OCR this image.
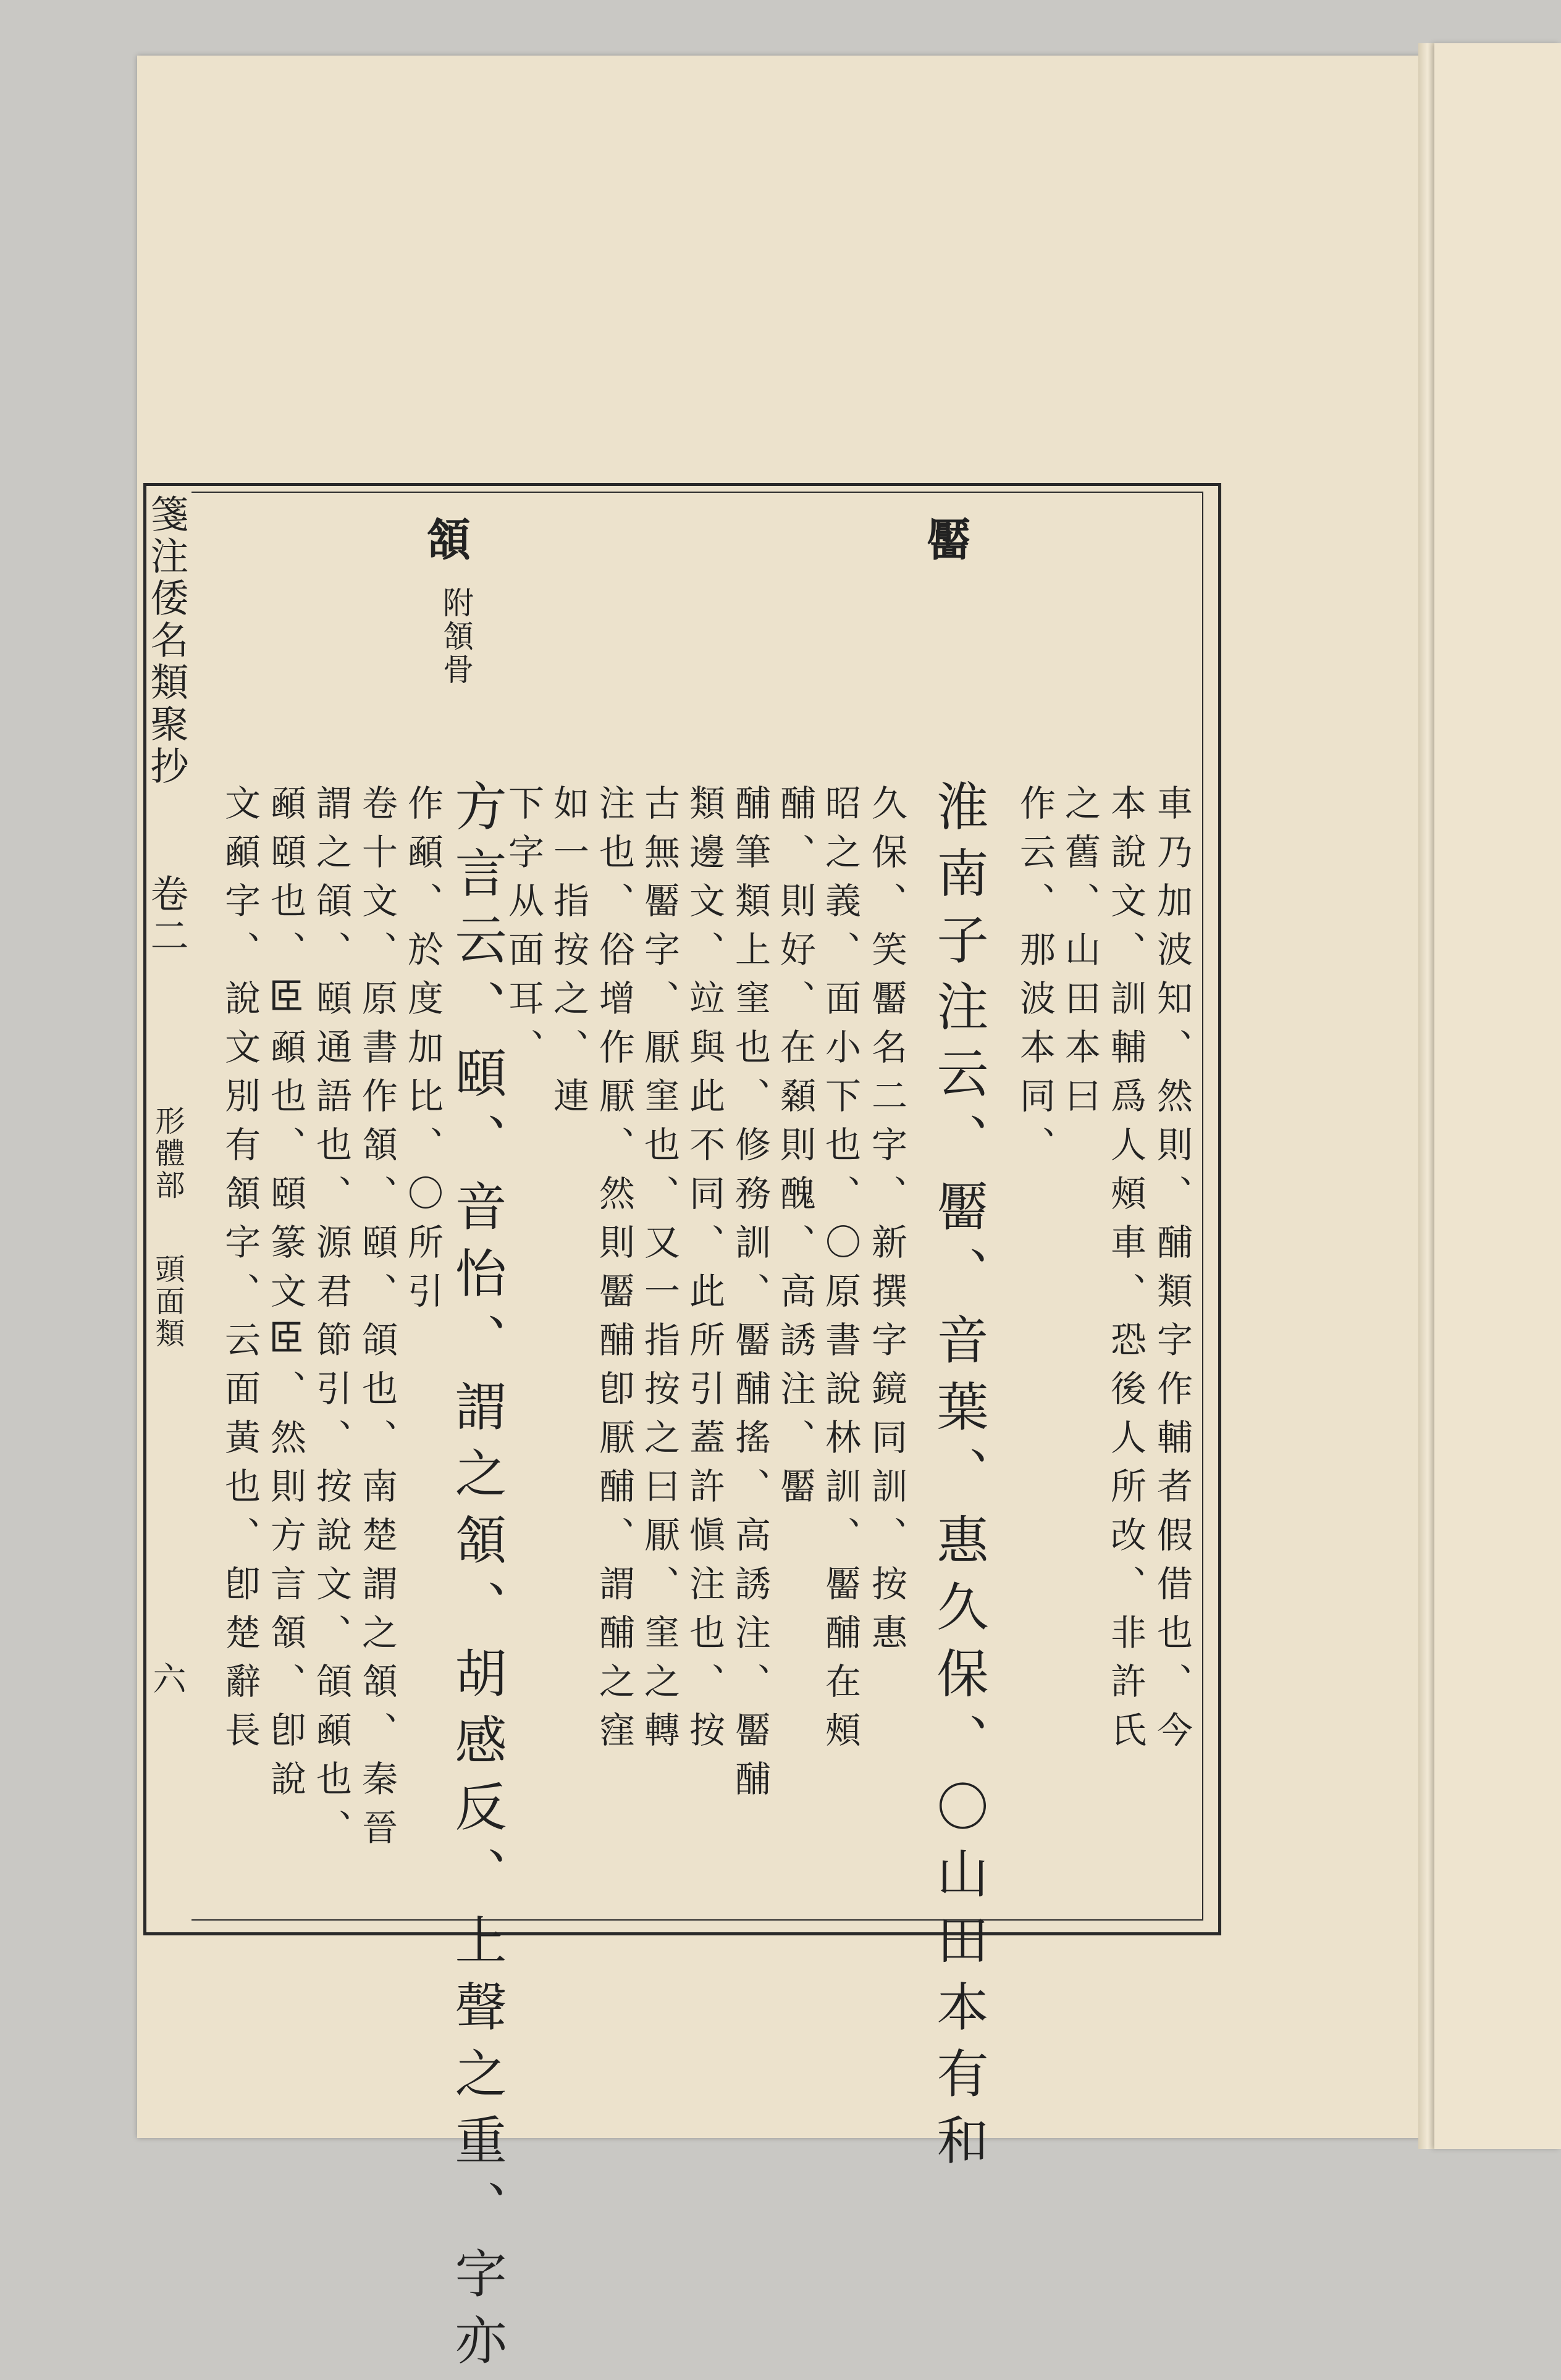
箋注倭名類聚抄
卷二
形體部
頭面類
六
靨
頷
附頷骨
車乃加波知、然則、酺類字作輔者假借也、今
本說文、訓輔爲人頰車、恐後人所改、非許氏
之舊、山田本曰
作云、那波本同、
淮南子注云、靨、音葉、惠久保、〇山田本有和
久保、笑靨名二字、新撰字鏡同訓、按惠
昭之義、面小下也、〇原書說林訓、靨酺在頰
酺、則好、在顙則醜、高誘注、靨
酺筆類上窐也、修務訓、靨酺搖、高誘注、靨酺
類邊文、竝與此不同、此所引蓋許愼注也、按
古無靨字、厭窐也、又一指按之曰厭、窐之轉
注也、俗增作厭、然則靨酺卽厭酺、謂酺之窪
如一指按之、連
下字从面耳、
方言云、頤、音怡、謂之頷、胡感反、上聲之重、字亦
作顄、於度加比、〇所引
卷十文、原書作頷、頤、頜也、南楚謂之頷、秦晉
謂之頜、頤通語也、源君節引、按說文、頜顄也、
顄頤也、𦣞顄也、頤篆文𦣞、然則方言頷、卽說
文顄字、說文別有頷字、云面黃也、卽楚辭長
